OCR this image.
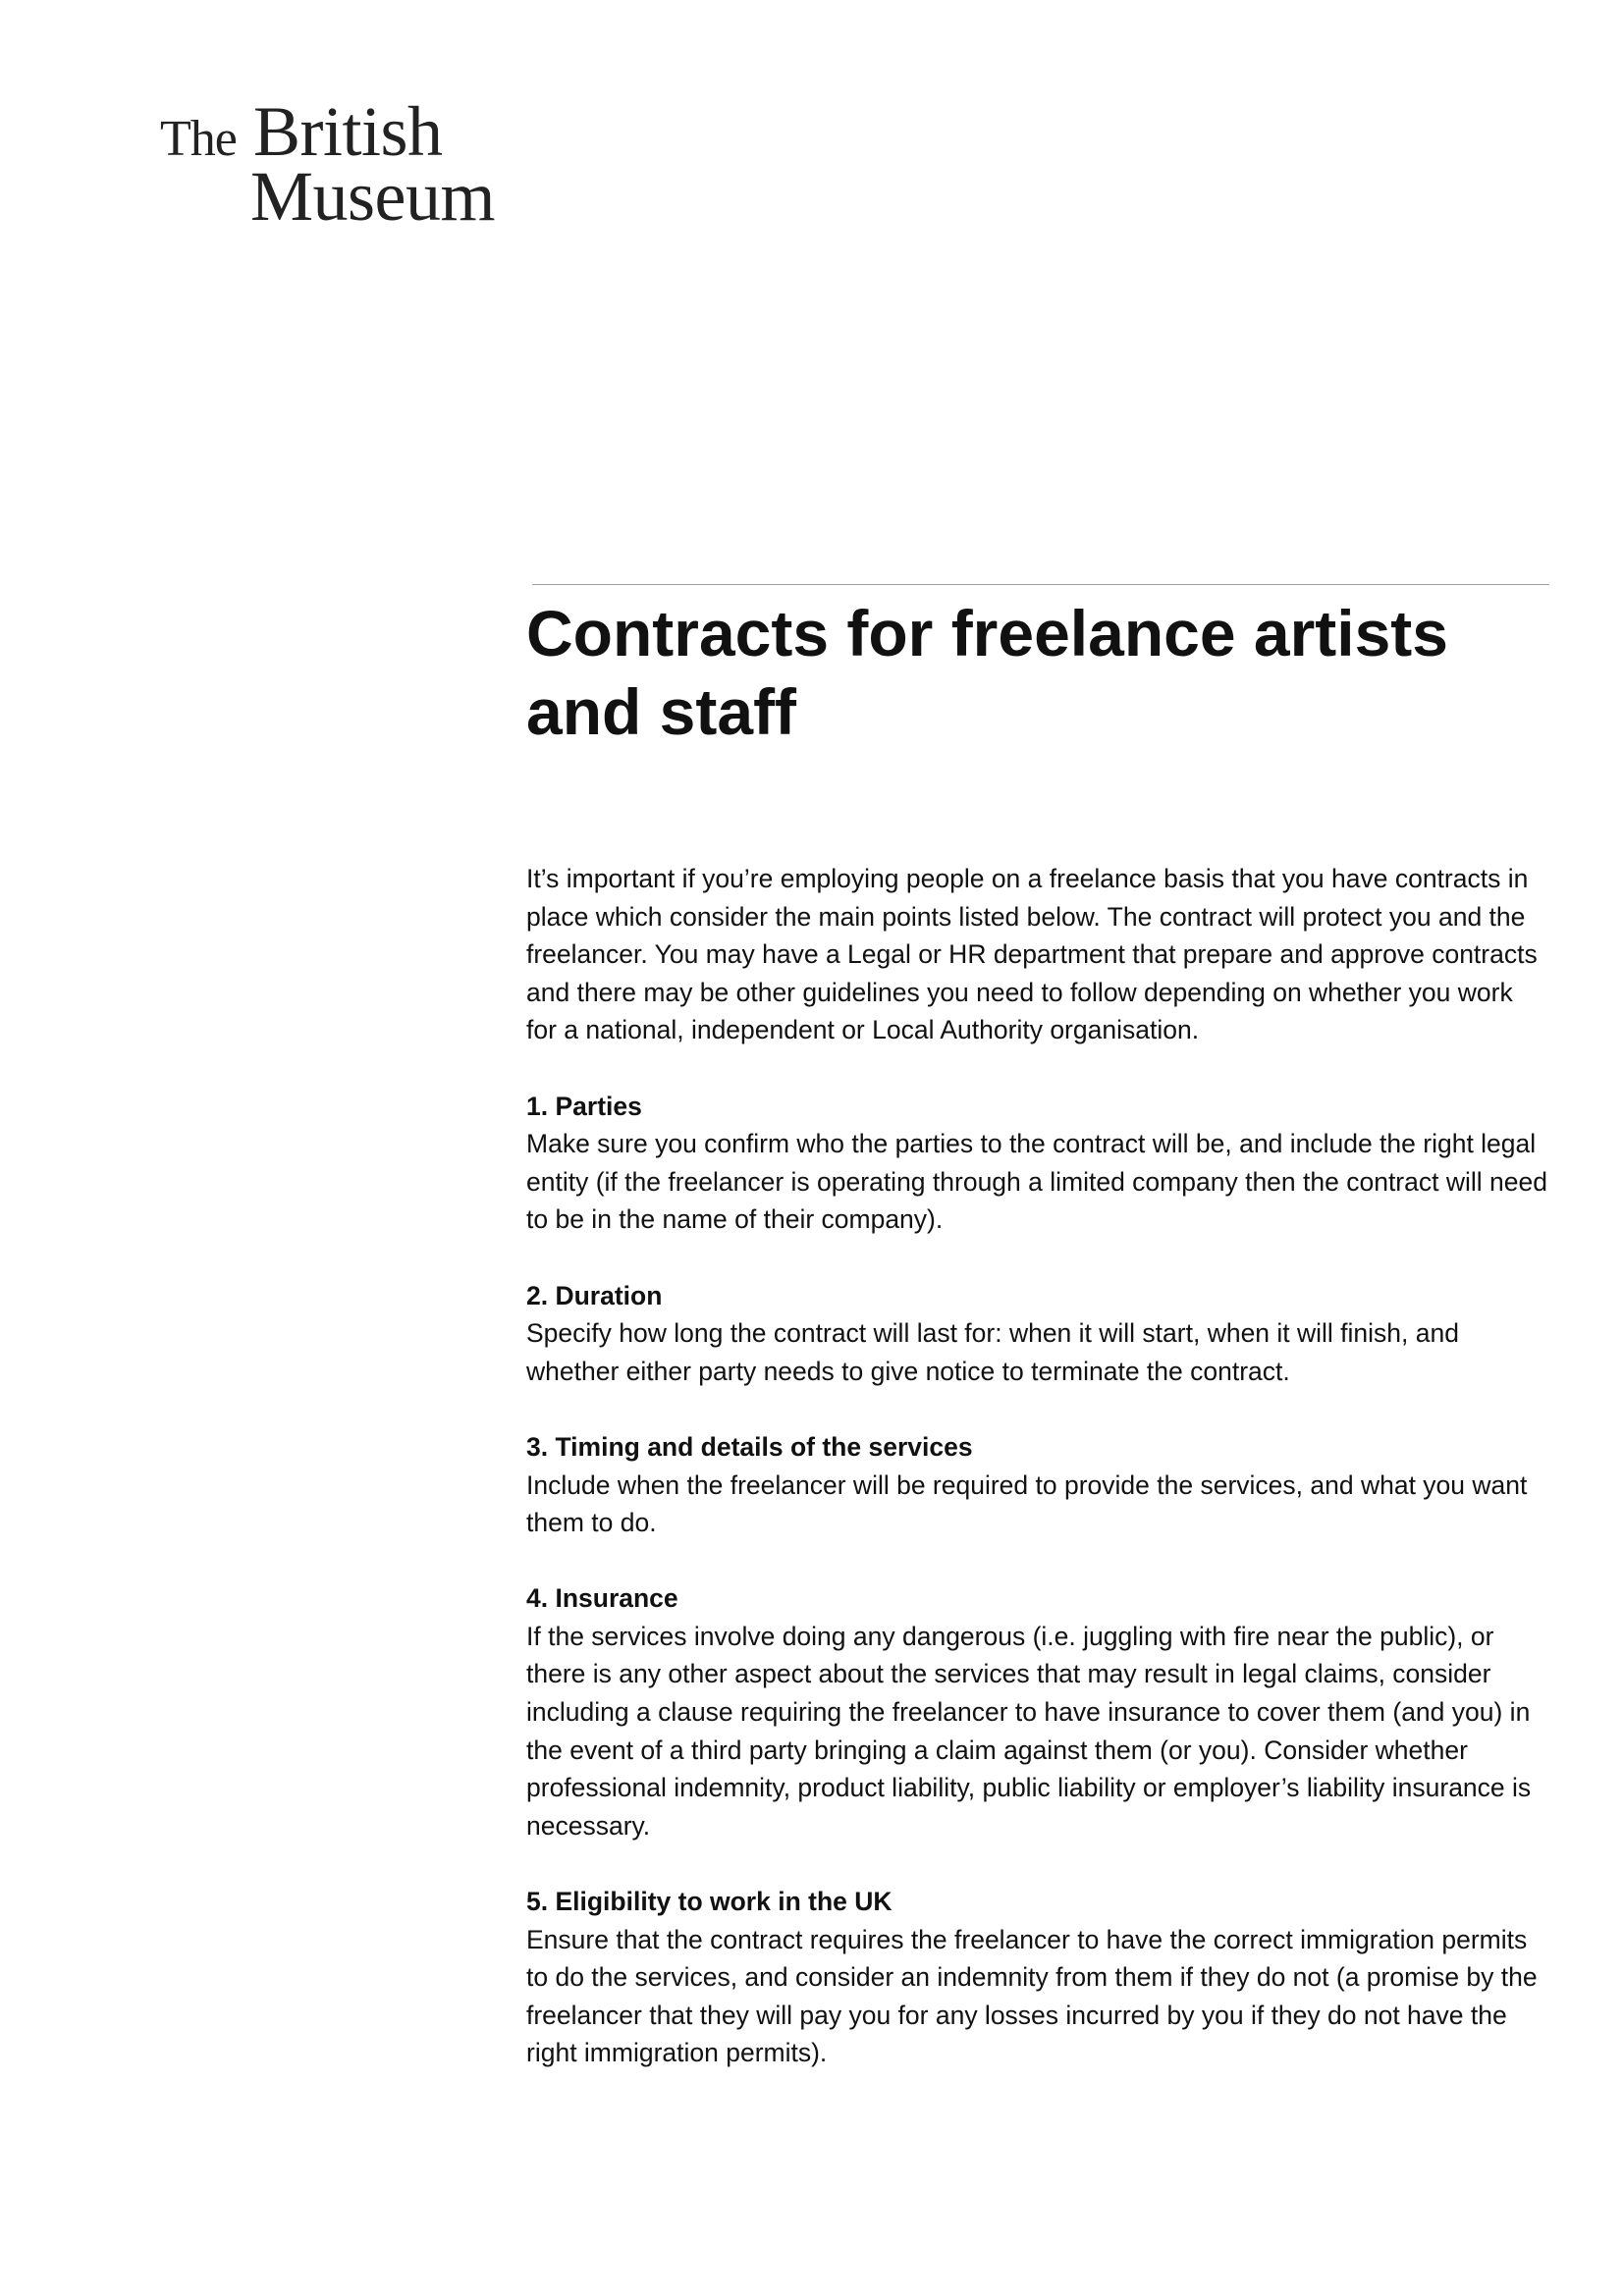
The British
Museum
Contracts for freelance artists and staff

It’s important if you’re employing people on a freelance basis that you have contracts in place which consider the main points listed below. The contract will protect you and the freelancer. You may have a Legal or HR department that prepare and approve contracts and there may be other guidelines you need to follow depending on whether you work for a national, independent or Local Authority organisation.

1. Parties

Make sure you confirm who the parties to the contract will be, and include the right legal entity (if the freelancer is operating through a limited company then the contract will need to be in the name of their company).

2. Duration

Specify how long the contract will last for: when it will start, when it will finish, and whether either party needs to give notice to terminate the contract.

3. Timing and details of the services

Include when the freelancer will be required to provide the services, and what you want them to do.

4. Insurance

If the services involve doing any dangerous (i.e. juggling with fire near the public), or there is any other aspect about the services that may result in legal claims, consider including a clause requiring the freelancer to have insurance to cover them (and you) in the event of a third party bringing a claim against them (or you). Consider whether professional indemnity, product liability, public liability or employer’s liability insurance is necessary.

5. Eligibility to work in the UK

Ensure that the contract requires the freelancer to have the correct immigration permits to do the services, and consider an indemnity from them if they do not (a promise by the freelancer that they will pay you for any losses incurred by you if they do not have the right immigration permits).
